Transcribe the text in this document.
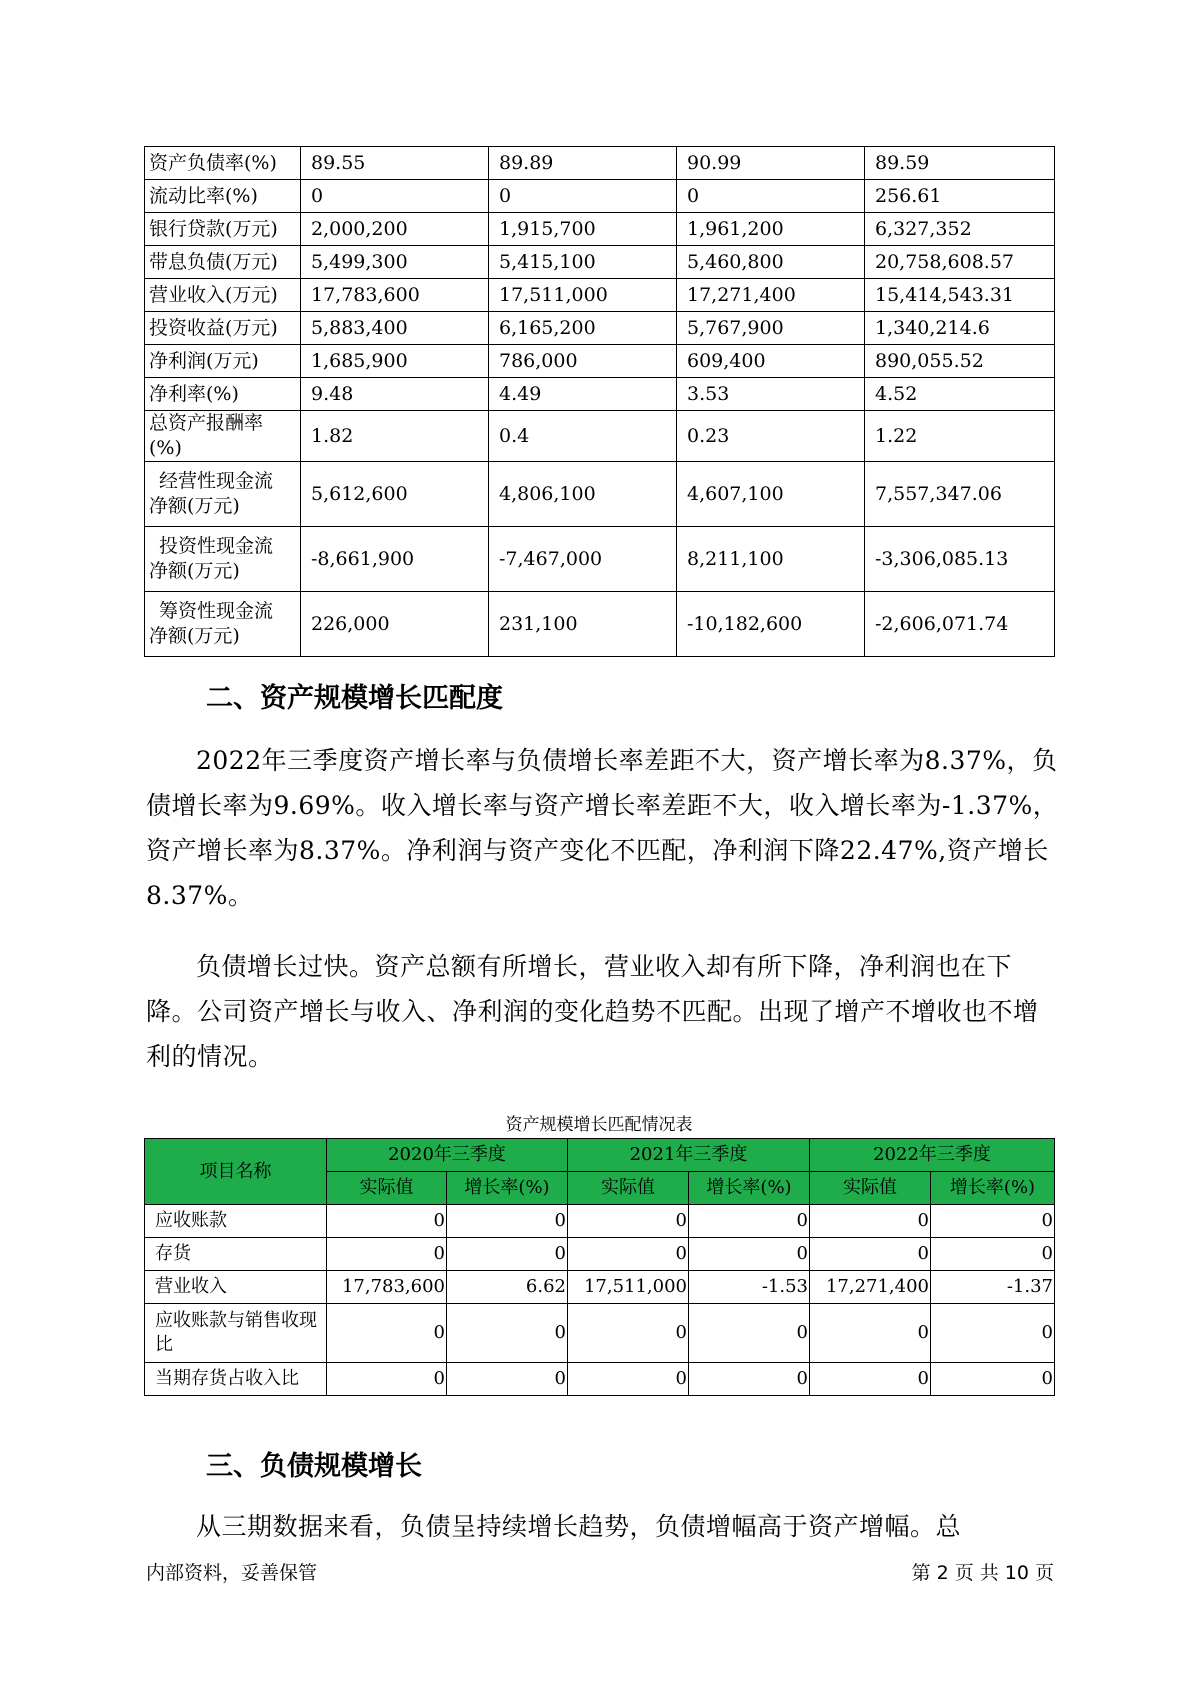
资产负债率(%)	89.55	89.89	90.99	89.59
流动比率(%)	0	0	0	256.61
银行贷款(万元)	2,000,200	1,915,700	1,961,200	6,327,352
带息负债(万元)	5,499,300	5,415,100	5,460,800	20,758,608.57
营业收入(万元)	17,783,600	17,511,000	17,271,400	15,414,543.31
投资收益(万元)	5,883,400	6,165,200	5,767,900	1,340,214.6
净利润(万元)	1,685,900	786,000	609,400	890,055.52
净利率(%)	9.48	4.49	3.53	4.52
总资产报酬率(%)	1.82	0.4	0.23	1.22
经营性现金流净额(万元)	5,612,600	4,806,100	4,607,100	7,557,347.06
投资性现金流净额(万元)	-8,661,900	-7,467,000	8,211,100	-3,306,085.13
筹资性现金流净额(万元)	226,000	231,100	-10,182,600	-2,606,071.74
二、资产规模增长匹配度

2022年三季度资产增长率与负债增长率差距不大，资产增长率为8.37%，负债增长率为9.69%。收入增长率与资产增长率差距不大，收入增长率为-1.37%，资产增长率为8.37%。净利润与资产变化不匹配，净利润下降22.47%,资产增长8.37%。

负债增长过快。资产总额有所增长，营业收入却有所下降，净利润也在下降。公司资产增长与收入、净利润的变化趋势不匹配。出现了增产不增收也不增利的情况。

资产规模增长匹配情况表
项目名称	2020年三季度		2021年三季度		2022年三季度	
	实际值	增长率(%)	实际值	增长率(%)	实际值	增长率(%)
应收账款	0	0	0	0	0	0
存货	0	0	0	0	0	0
营业收入	17,783,600	6.62	17,511,000	-1.53	17,271,400	-1.37
应收账款与销售收现比	0	0	0	0	0	0
当期存货占收入比	0	0	0	0	0	0
三、负债规模增长

从三期数据来看，负债呈持续增长趋势，负债增幅高于资产增幅。总

内部资料，妥善保管	第 2 页 共 10 页
